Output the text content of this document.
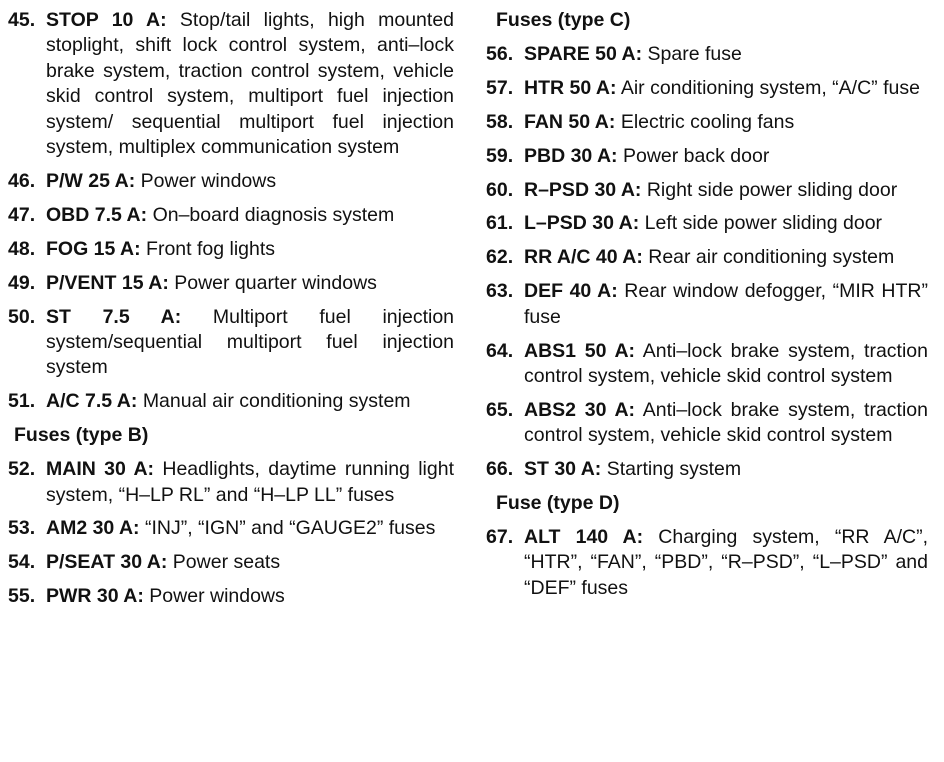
45. STOP 10 A: Stop/tail lights, high mounted stoplight, shift lock control system, anti–lock brake system, traction control system, vehicle skid control system, multiport fuel injection system/ sequential multiport fuel injection system, multiplex communication system
46. P/W 25 A: Power windows
47. OBD 7.5 A: On–board diagnosis system
48. FOG 15 A: Front fog lights
49. P/VENT 15 A: Power quarter windows
50. ST 7.5 A: Multiport fuel injection system/sequential multiport fuel injection system
51. A/C 7.5 A: Manual air conditioning system
Fuses (type B)
52. MAIN 30 A: Headlights, daytime running light system, “H–LP RL” and “H–LP LL” fuses
53. AM2 30 A: “INJ”, “IGN” and “GAUGE2” fuses
54. P/SEAT 30 A: Power seats
55. PWR 30 A: Power windows
Fuses (type C)
56. SPARE 50 A: Spare fuse
57. HTR 50 A: Air conditioning system, “A/C” fuse
58. FAN 50 A: Electric cooling fans
59. PBD 30 A: Power back door
60. R–PSD 30 A: Right side power sliding door
61. L–PSD 30 A: Left side power sliding door
62. RR A/C 40 A: Rear air conditioning system
63. DEF 40 A: Rear window defogger, “MIR HTR” fuse
64. ABS1 50 A: Anti–lock brake system, traction control system, vehicle skid control system
65. ABS2 30 A: Anti–lock brake system, traction control system, vehicle skid control system
66. ST 30 A: Starting system
Fuse (type D)
67. ALT 140 A: Charging system, “RR A/C”, “HTR”, “FAN”, “PBD”, “R–PSD”, “L–PSD” and “DEF” fuses
